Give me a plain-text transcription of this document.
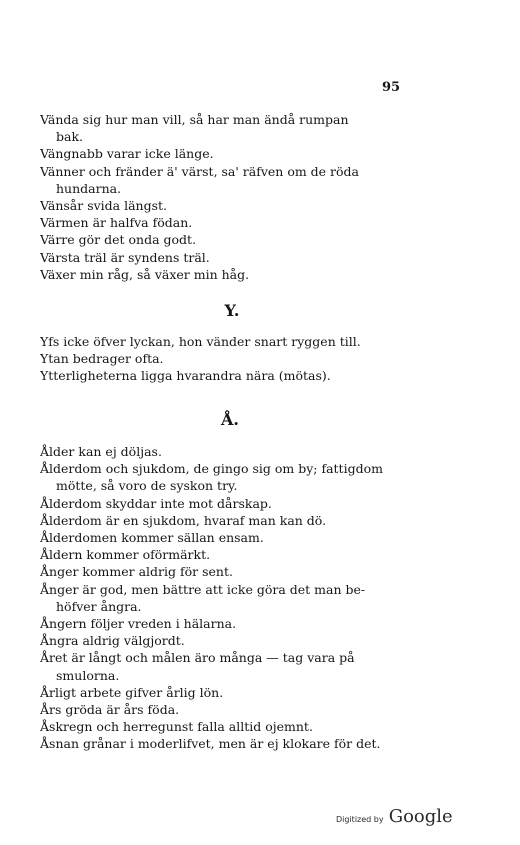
95
Vända sig hur man vill, så har man ändå rumpan
bak.
Vängnabb varar icke länge.
Vänner och fränder ä' värst, sa' räfven om de röda
hundarna.
Vänsår svida längst.
Värmen är halfva födan.
Värre gör det onda godt.
Värsta träl är syndens träl.
Växer min råg, så växer min håg.
Y.
Yfs icke öfver lyckan, hon vänder snart ryggen till.
Ytan bedrager ofta.
Ytterligheterna ligga hvarandra nära (mötas).
Å.
Ålder kan ej döljas.
Ålderdom och sjukdom, de gingo sig om by; fattigdom
mötte, så voro de syskon try.
Ålderdom skyddar inte mot dårskap.
Ålderdom är en sjukdom, hvaraf man kan dö.
Ålderdomen kommer sällan ensam.
Åldern kommer oförmärkt.
Ånger kommer aldrig för sent.
Ånger är god, men bättre att icke göra det man be-
höfver ångra.
Ångern följer vreden i hälarna.
Ångra aldrig välgjordt.
Året är långt och målen äro många — tag vara på
smulorna.
Årligt arbete gifver årlig lön.
Års gröda är års föda.
Åskregn och herregunst falla alltid ojemnt.
Åsnan grånar i moderlifvet, men är ej klokare för det.
Digitized by Google
